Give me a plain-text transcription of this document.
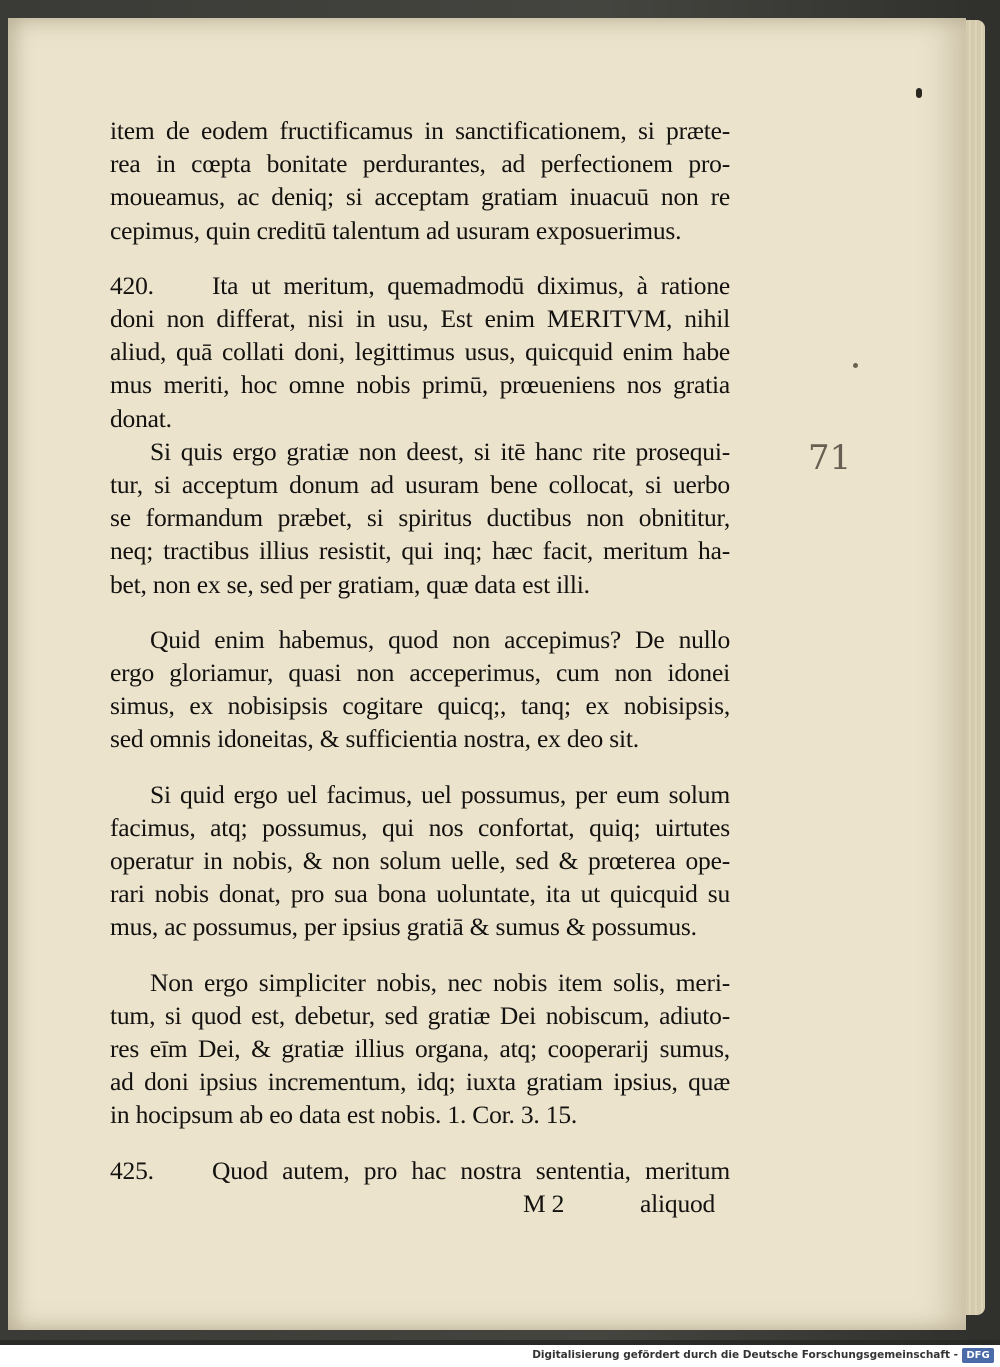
71
item de eodem fructificamus in sanctificationem, si præte-
rea in cœpta bonitate perdurantes, ad perfectionem pro-
moueamus, ac deniq; si acceptam gratiam inuacuū non re
cepimus, quin creditū talentum ad usuram exposuerimus.
420.	Ita ut meritum, quemadmodū diximus, à ratione
doni non differat, nisi in usu, Est enim MERITVM, nihil
aliud, quā collati doni, legittimus usus, quicquid enim habe
mus meriti, hoc omne nobis primū, prœueniens nos gratia
donat.
Si quis ergo gratiæ non deest, si itē hanc rite prosequi-
tur, si acceptum donum ad usuram bene collocat, si uerbo
se formandum præbet, si spiritus ductibus non obnititur,
neq; tractibus illius resistit, qui inq; hæc facit, meritum ha-
bet, non ex se, sed per gratiam, quæ data est illi.
Quid enim habemus, quod non accepimus? De nullo
ergo gloriamur, quasi non acceperimus, cum non idonei
simus, ex nobisipsis cogitare quicq;, tanq; ex nobisipsis,
sed omnis idoneitas, & sufficientia nostra, ex deo sit.
Si quid ergo uel facimus, uel possumus, per eum solum
facimus, atq; possumus, qui nos confortat, quiq; uirtutes
operatur in nobis, & non solum uelle, sed & prœterea ope-
rari nobis donat, pro sua bona uoluntate, ita ut quicquid su
mus, ac possumus, per ipsius gratiā & sumus & possumus.
Non ergo simpliciter nobis, nec nobis item solis, meri-
tum, si quod est, debetur, sed gratiæ Dei nobiscum, adiuto-
res eīm Dei, & gratiæ illius organa, atq; cooperarij sumus,
ad doni ipsius incrementum, idq; iuxta gratiam ipsius, quæ
in hocipsum ab eo data est nobis. 1. Cor. 3. 15.
425.	Quod autem, pro hac nostra sententia, meritum
M 2	aliquod
Digitalisierung gefördert durch die Deutsche Forschungsgemeinschaft - DFG
